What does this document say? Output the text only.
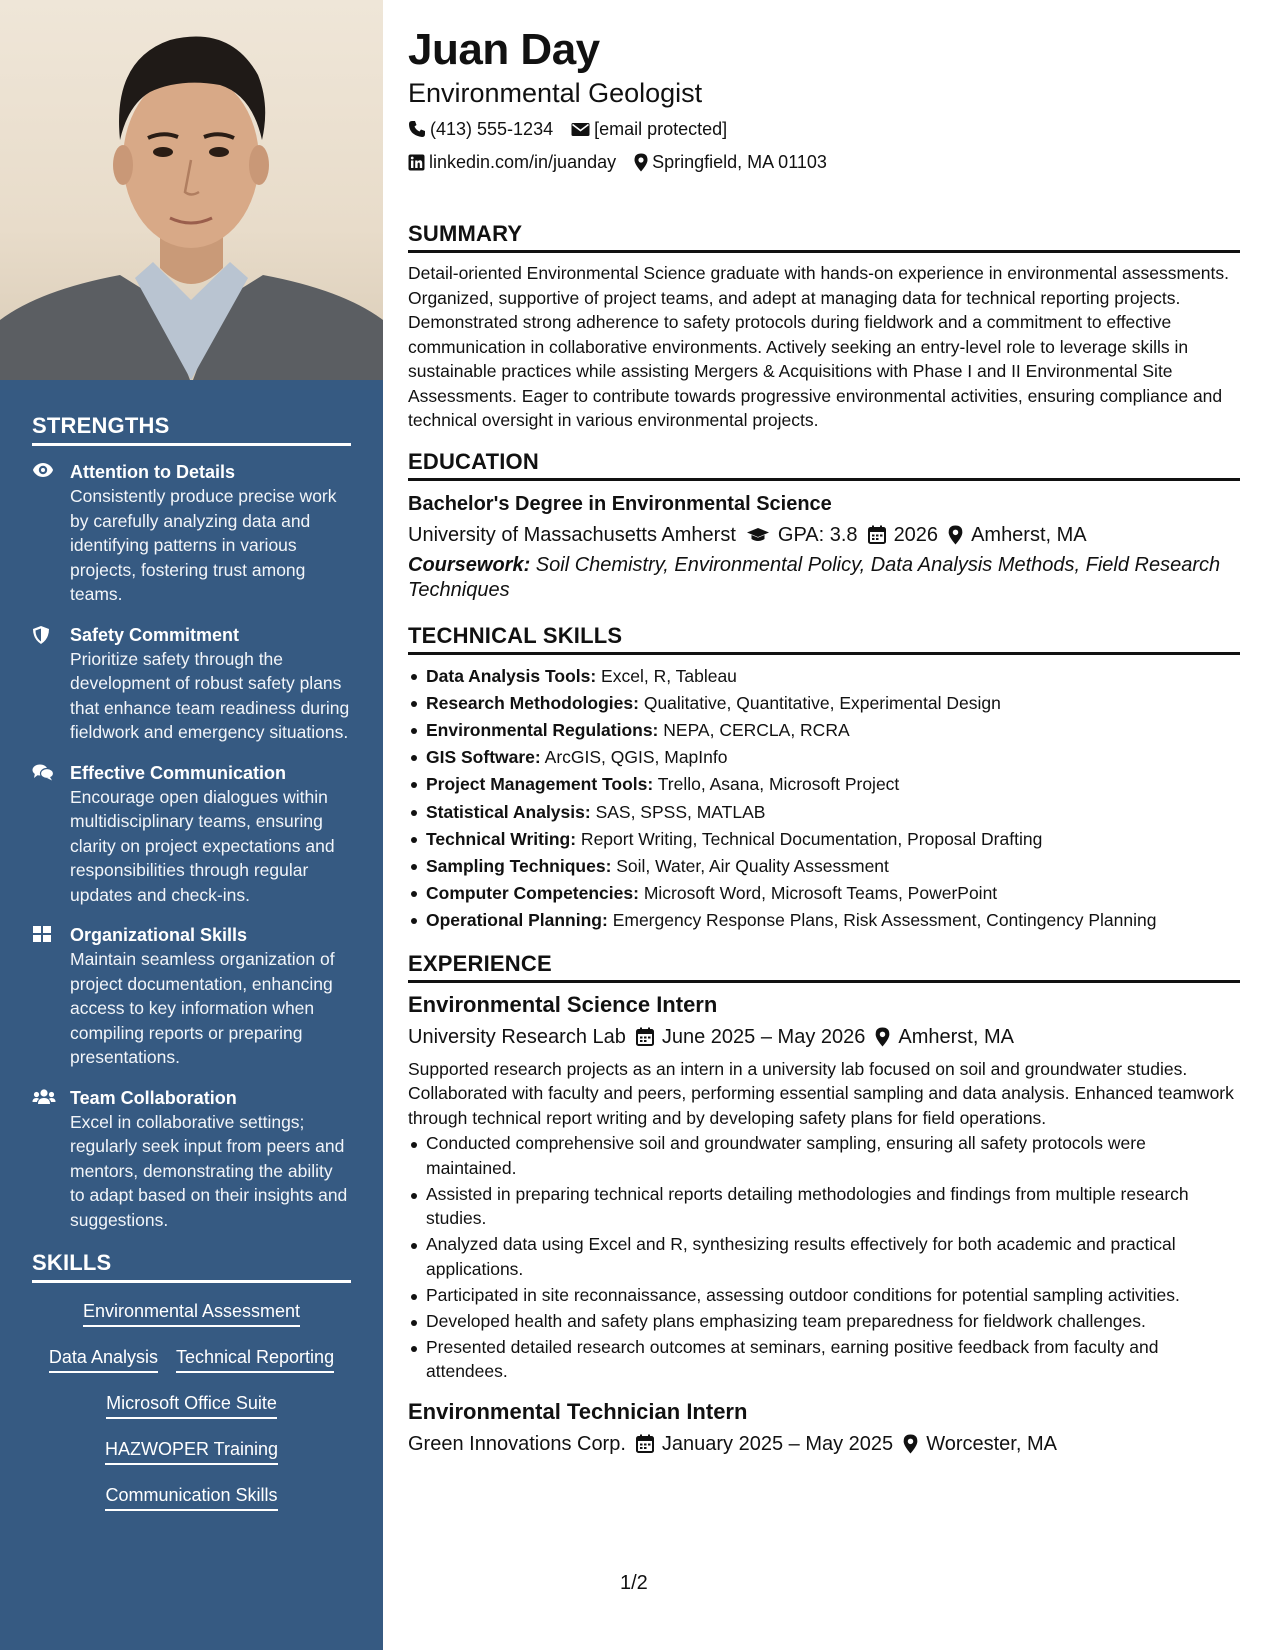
STRENGTHS
Attention to Details
Consistently produce precise work by carefully analyzing data and identifying patterns in various projects, fostering trust among teams.
Safety Commitment
Prioritize safety through the development of robust safety plans that enhance team readiness during fieldwork and emergency situations.
Effective Communication
Encourage open dialogues within multidisciplinary teams, ensuring clarity on project expectations and responsibilities through regular updates and check-ins.
Organizational Skills
Maintain seamless organization of project documentation, enhancing access to key information when compiling reports or preparing presentations.
Team Collaboration
Excel in collaborative settings; regularly seek input from peers and mentors, demonstrating the ability to adapt based on their insights and suggestions.
SKILLS
Environmental Assessment
Data Analysis Technical Reporting
Microsoft Office Suite
HAZWOPER Training
Communication Skills
Juan Day
Environmental Geologist
(413) 555-1234 [email protected]
linkedin.com/in/juanday Springfield, MA 01103
SUMMARY

Detail-oriented Environmental Science graduate with hands-on experience in environmental assessments. Organized, supportive of project teams, and adept at managing data for technical reporting projects. Demonstrated strong adherence to safety protocols during fieldwork and a commitment to effective communication in collaborative environments. Actively seeking an entry-level role to leverage skills in sustainable practices while assisting Mergers & Acquisitions with Phase I and II Environmental Site Assessments. Eager to contribute towards progressive environmental activities, ensuring compliance and technical oversight in various environmental projects.

EDUCATION
Bachelor's Degree in Environmental Science
University of Massachusetts Amherst GPA: 3.8 2026 Amherst, MA
Coursework: Soil Chemistry, Environmental Policy, Data Analysis Methods, Field Research Techniques
TECHNICAL SKILLS
Data Analysis Tools: Excel, R, Tableau
Research Methodologies: Qualitative, Quantitative, Experimental Design
Environmental Regulations: NEPA, CERCLA, RCRA
GIS Software: ArcGIS, QGIS, MapInfo
Project Management Tools: Trello, Asana, Microsoft Project
Statistical Analysis: SAS, SPSS, MATLAB
Technical Writing: Report Writing, Technical Documentation, Proposal Drafting
Sampling Techniques: Soil, Water, Air Quality Assessment
Computer Competencies: Microsoft Word, Microsoft Teams, PowerPoint
Operational Planning: Emergency Response Plans, Risk Assessment, Contingency Planning
EXPERIENCE
Environmental Science Intern
University Research Lab June 2025 – May 2026 Amherst, MA

Supported research projects as an intern in a university lab focused on soil and groundwater studies. Collaborated with faculty and peers, performing essential sampling and data analysis. Enhanced teamwork through technical report writing and by developing safety plans for field operations.

Conducted comprehensive soil and groundwater sampling, ensuring all safety protocols were maintained.
Assisted in preparing technical reports detailing methodologies and findings from multiple research studies.
Analyzed data using Excel and R, synthesizing results effectively for both academic and practical applications.
Participated in site reconnaissance, assessing outdoor conditions for potential sampling activities.
Developed health and safety plans emphasizing team preparedness for fieldwork challenges.
Presented detailed research outcomes at seminars, earning positive feedback from faculty and attendees.
Environmental Technician Intern
Green Innovations Corp. January 2025 – May 2025 Worcester, MA
1/2
